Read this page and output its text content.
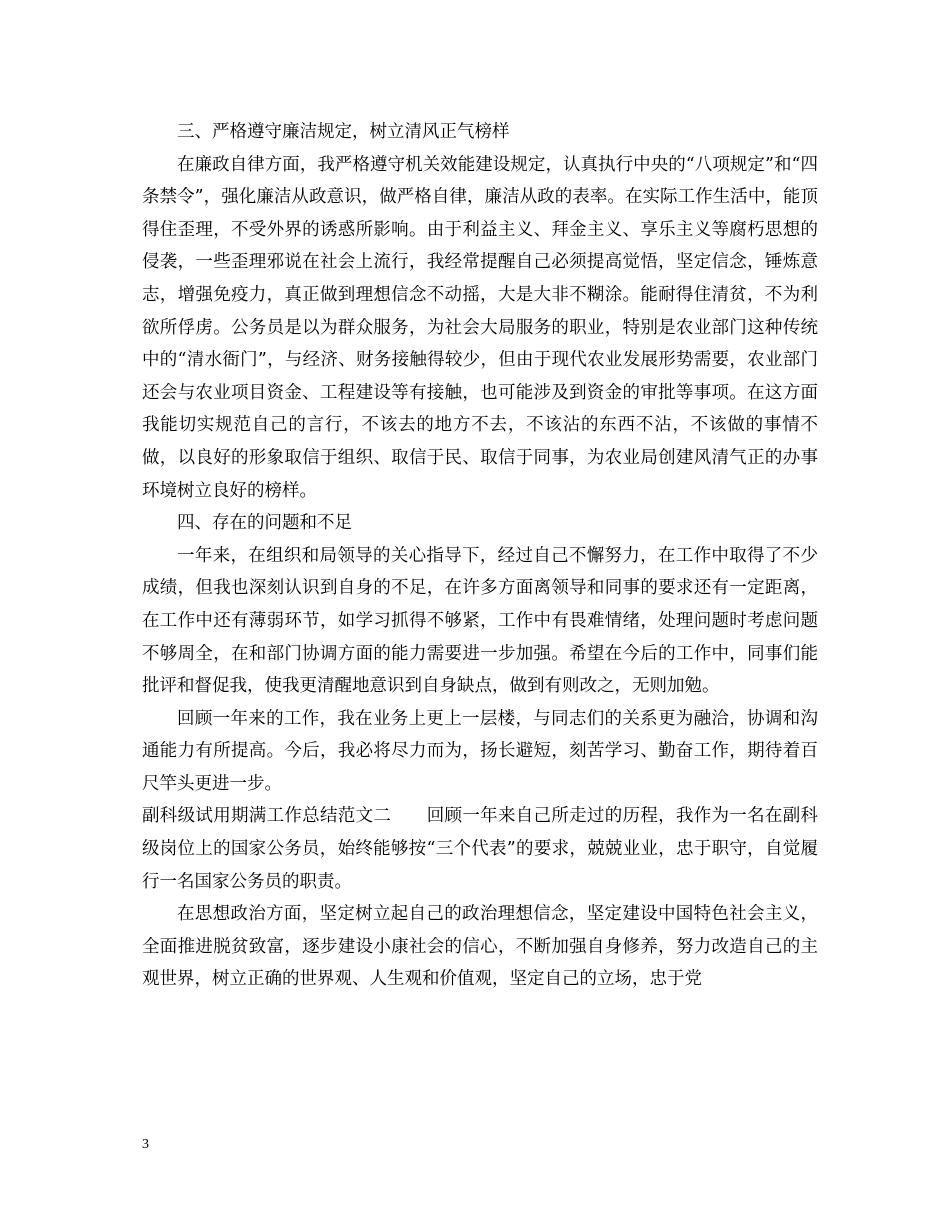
三、严格遵守廉洁规定，树立清风正气榜样

在廉政自律方面，我严格遵守机关效能建设规定，认真执行中央的“八项规定”和“四条禁令”，强化廉洁从政意识，做严格自律，廉洁从政的表率。在实际工作生活中，能顶得住歪理，不受外界的诱惑所影响。由于利益主义、拜金主义、享乐主义等腐朽思想的侵袭，一些歪理邪说在社会上流行，我经常提醒自己必须提高觉悟，坚定信念，锤炼意志，增强免疫力，真正做到理想信念不动摇，大是大非不糊涂。能耐得住清贫，不为利欲所俘虏。公务员是以为群众服务，为社会大局服务的职业，特别是农业部门这种传统中的“清水衙门”，与经济、财务接触得较少，但由于现代农业发展形势需要，农业部门还会与农业项目资金、工程建设等有接触，也可能涉及到资金的审批等事项。在这方面我能切实规范自己的言行，不该去的地方不去，不该沾的东西不沾，不该做的事情不做，以良好的形象取信于组织、取信于民、取信于同事，为农业局创建风清气正的办事环境树立良好的榜样。

四、存在的问题和不足

一年来，在组织和局领导的关心指导下，经过自己不懈努力，在工作中取得了不少成绩，但我也深刻认识到自身的不足，在许多方面离领导和同事的要求还有一定距离，在工作中还有薄弱环节，如学习抓得不够紧，工作中有畏难情绪，处理问题时考虑问题不够周全，在和部门协调方面的能力需要进一步加强。希望在今后的工作中，同事们能批评和督促我，使我更清醒地意识到自身缺点，做到有则改之，无则加勉。

回顾一年来的工作，我在业务上更上一层楼，与同志们的关系更为融洽，协调和沟通能力有所提高。今后，我必将尽力而为，扬长避短，刻苦学习、勤奋工作，期待着百尺竿头更进一步。

副科级试用期满工作总结范文二　　回顾一年来自己所走过的历程，我作为一名在副科级岗位上的国家公务员，始终能够按“三个代表”的要求，兢兢业业，忠于职守，自觉履行一名国家公务员的职责。

在思想政治方面，坚定树立起自己的政治理想信念，坚定建设中国特色社会主义，全面推进脱贫致富，逐步建设小康社会的信心，不断加强自身修养，努力改造自己的主观世界，树立正确的世界观、人生观和价值观，坚定自己的立场，忠于党

3
